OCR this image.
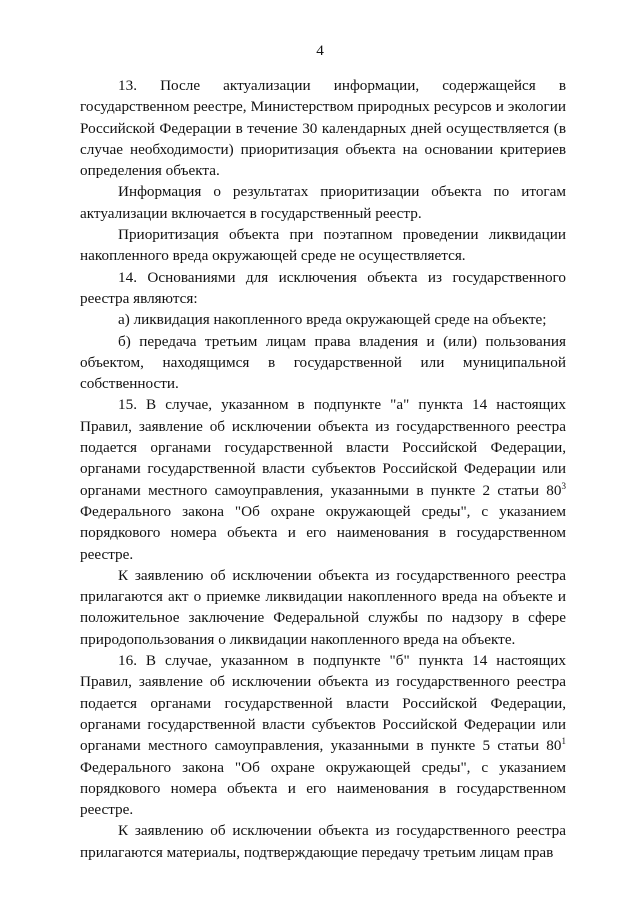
4

13. После актуализации информации, содержащейся в государственном реестре, Министерством природных ресурсов и экологии Российской Федерации в течение 30 календарных дней осуществляется (в случае необходимости) приоритизация объекта на основании критериев определения объекта.

Информация о результатах приоритизации объекта по итогам актуализации включается в государственный реестр.

Приоритизация объекта при поэтапном проведении ликвидации накопленного вреда окружающей среде не осуществляется.

14. Основаниями для исключения объекта из государственного реестра являются:

а) ликвидация накопленного вреда окружающей среде на объекте;

б) передача третьим лицам права владения и (или) пользования объектом, находящимся в государственной или муниципальной собственности.

15. В случае, указанном в подпункте "а" пункта 14 настоящих Правил, заявление об исключении объекта из государственного реестра подается органами государственной власти Российской Федерации, органами государственной власти субъектов Российской Федерации или органами местного самоуправления, указанными в пункте 2 статьи $80^3$ Федерального закона "Об охране окружающей среды", с указанием порядкового номера объекта и его наименования в государственном реестре.

К заявлению об исключении объекта из государственного реестра прилагаются акт о приемке ликвидации накопленного вреда на объекте и положительное заключение Федеральной службы по надзору в сфере природопользования о ликвидации накопленного вреда на объекте.

16. В случае, указанном в подпункте "б" пункта 14 настоящих Правил, заявление об исключении объекта из государственного реестра подается органами государственной власти Российской Федерации, органами государственной власти субъектов Российской Федерации или органами местного самоуправления, указанными в пункте 5 статьи $80^1$ Федерального закона "Об охране окружающей среды", с указанием порядкового номера объекта и его наименования в государственном реестре.

К заявлению об исключении объекта из государственного реестра прилагаются материалы, подтверждающие передачу третьим лицам прав
